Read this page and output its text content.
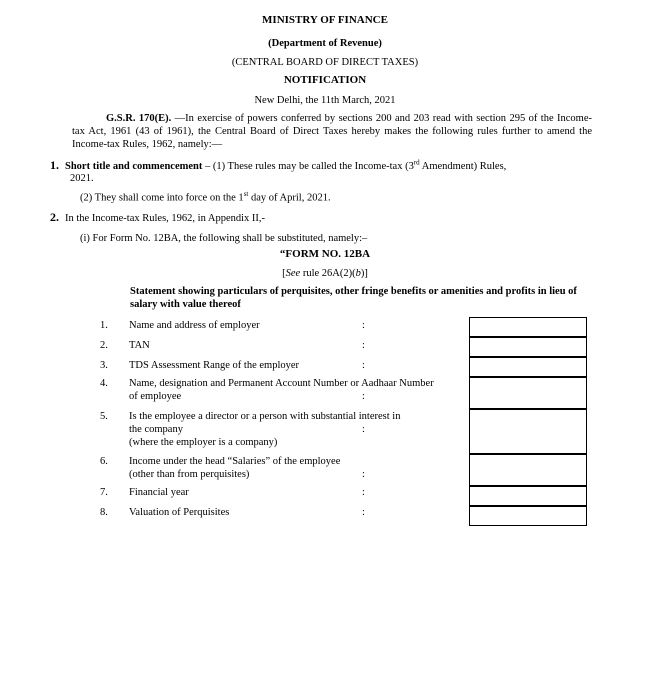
MINISTRY OF FINANCE
(Department of Revenue)
(CENTRAL BOARD OF DIRECT TAXES)
NOTIFICATION
New Delhi, the 11th March, 2021
G.S.R. 170(E). —In exercise of powers conferred by sections 200 and 203 read with section 295 of the Income- tax Act, 1961 (43 of 1961), the Central Board of Direct Taxes hereby makes the following rules further to amend the Income-tax Rules, 1962, namely:—
1. Short title and commencement – (1) These rules may be called the Income-tax (3rd Amendment) Rules,
2021.
(2) They shall come into force on the 1st day of April, 2021.
2. In the Income-tax Rules, 1962, in Appendix II,-
(i) For Form No. 12BA, the following shall be substituted, namely:–
“FORM NO. 12BA
[See rule 26A(2)(b)]
Statement showing particulars of perquisites, other fringe benefits or amenities and profits in lieu of salary with value thereof
1. Name and address of employer	:
2. TAN	:
3. TDS Assessment Range of the employer	:
4. Name, designation and Permanent Account Number or Aadhaar Number
of employee	:
5. Is the employee a director or a person with substantial interest in
the company
(where the employer is a company)
:
6. Income under the head “Salaries” of the employee
(other than from perquisites)	:
7. Financial year	:
8. Valuation of Perquisites	:
